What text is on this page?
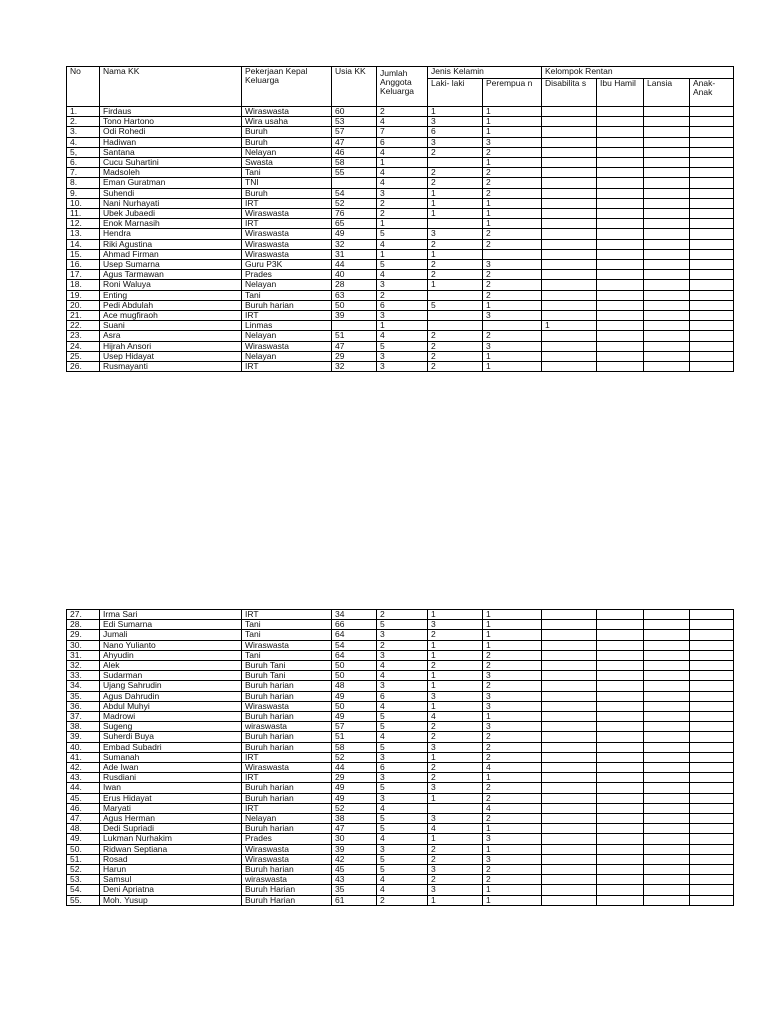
No	Nama KK	Pekerjaan Kepal Keluarga	Usia KK	Jumlah Anggota Keluarga	Jenis Kelamin		Kelompok Rentan			
					Laki- laki	Perempua n	Disabilita s	Ibu Hamil	Lansia	Anak- Anak
1.	Firdaus	Wiraswasta	60	2	1	1				
2.	Tono Hartono	Wira usaha	53	4	3	1				
3.	Odi Rohedi	Buruh	57	7	6	1				
4.	Hadiwan	Buruh	47	6	3	3				
5,	Santana	Nelayan	46	4	2	2				
6.	Cucu Suhartini	Swasta	58	1		1				
7.	Madsoleh	Tani	55	4	2	2				
8.	Eman Guratman	TNI		4	2	2				
9.	Suhendi	Buruh	54	3	1	2				
10.	Nani Nurhayati	IRT	52	2	1	1				
11.	Ubek Jubaedi	Wiraswasta	76	2	1	1				
12.	Enok Marnasih	IRT	65	1		1				
13.	Hendra	Wiraswasta	49	5	3	2				
14.	Riki Agustina	Wiraswasta	32	4	2	2				
15.	Ahmad Firman	Wiraswasta	31	1	1					
16.	Usep Sumarna	Guru P3K	44	5	2	3				
17.	Agus Tarmawan	Prades	40	4	2	2				
18.	Roni Waluya	Nelayan	28	3	1	2				
19.	Enting	Tani	63	2		2				
20.	Pedi Abdulah	Buruh harian	50	6	5	1				
21.	Ace mugfiraoh	IRT	39	3		3				
22.	Suani	Linmas		1			1			
23.	Asra	Nelayan	51	4	2	2				
24.	Hijrah Ansori	Wiraswasta	47	5	2	3				
25.	Usep Hidayat	Nelayan	29	3	2	1				
26.	Rusmayanti	IRT	32	3	2	1				
27.	Irma Sari	IRT	34	2	1	1				
28.	Edi Sumarna	Tani	66	5	3	1				
29.	Jumali	Tani	64	3	2	1				
30.	Nano Yulianto	Wiraswasta	54	2	1	1				
31.	Ahyudin	Tani	64	3	1	2				
32.	Alek	Buruh Tani	50	4	2	2				
33.	Sudarman	Buruh Tani	50	4	1	3				
34.	Ujang Sahrudin	Buruh harian	48	3	1	2				
35.	Agus Dahrudin	Buruh harian	49	6	3	3				
36.	Abdul Muhyi	Wiraswasta	50	4	1	3				
37.	Madrowi	Buruh harian	49	5	4	1				
38.	Sugeng	wiraswasta	57	5	2	3				
39.	Suherdi Buya	Buruh harian	51	4	2	2				
40.	Embad Subadri	Buruh harian	58	5	3	2				
41.	Sumanah	IRT	52	3	1	2				
42.	Ade Iwan	Wiraswasta	44	6	2	4				
43.	Rusdiani	IRT	29	3	2	1				
44.	Iwan	Buruh harian	49	5	3	2				
45.	Erus Hidayat	Buruh harian	49	3	1	2				
46.	Maryati	IRT	52	4		4				
47.	Agus Herman	Nelayan	38	5	3	2				
48.	Dedi Supriadi	Buruh harian	47	5	4	1				
49.	Lukman Nurhakim	Prades	30	4	1	3				
50.	Ridwan Septiana	Wiraswasta	39	3	2	1				
51.	Rosad	Wiraswasta	42	5	2	3				
52.	Harun	Buruh harian	45	5	3	2				
53.	Samsul	wiraswasta	43	4	2	2				
54.	Deni Apriatna	Buruh Harian	35	4	3	1				
55.	Moh. Yusup	Buruh Harian	61	2	1	1				
